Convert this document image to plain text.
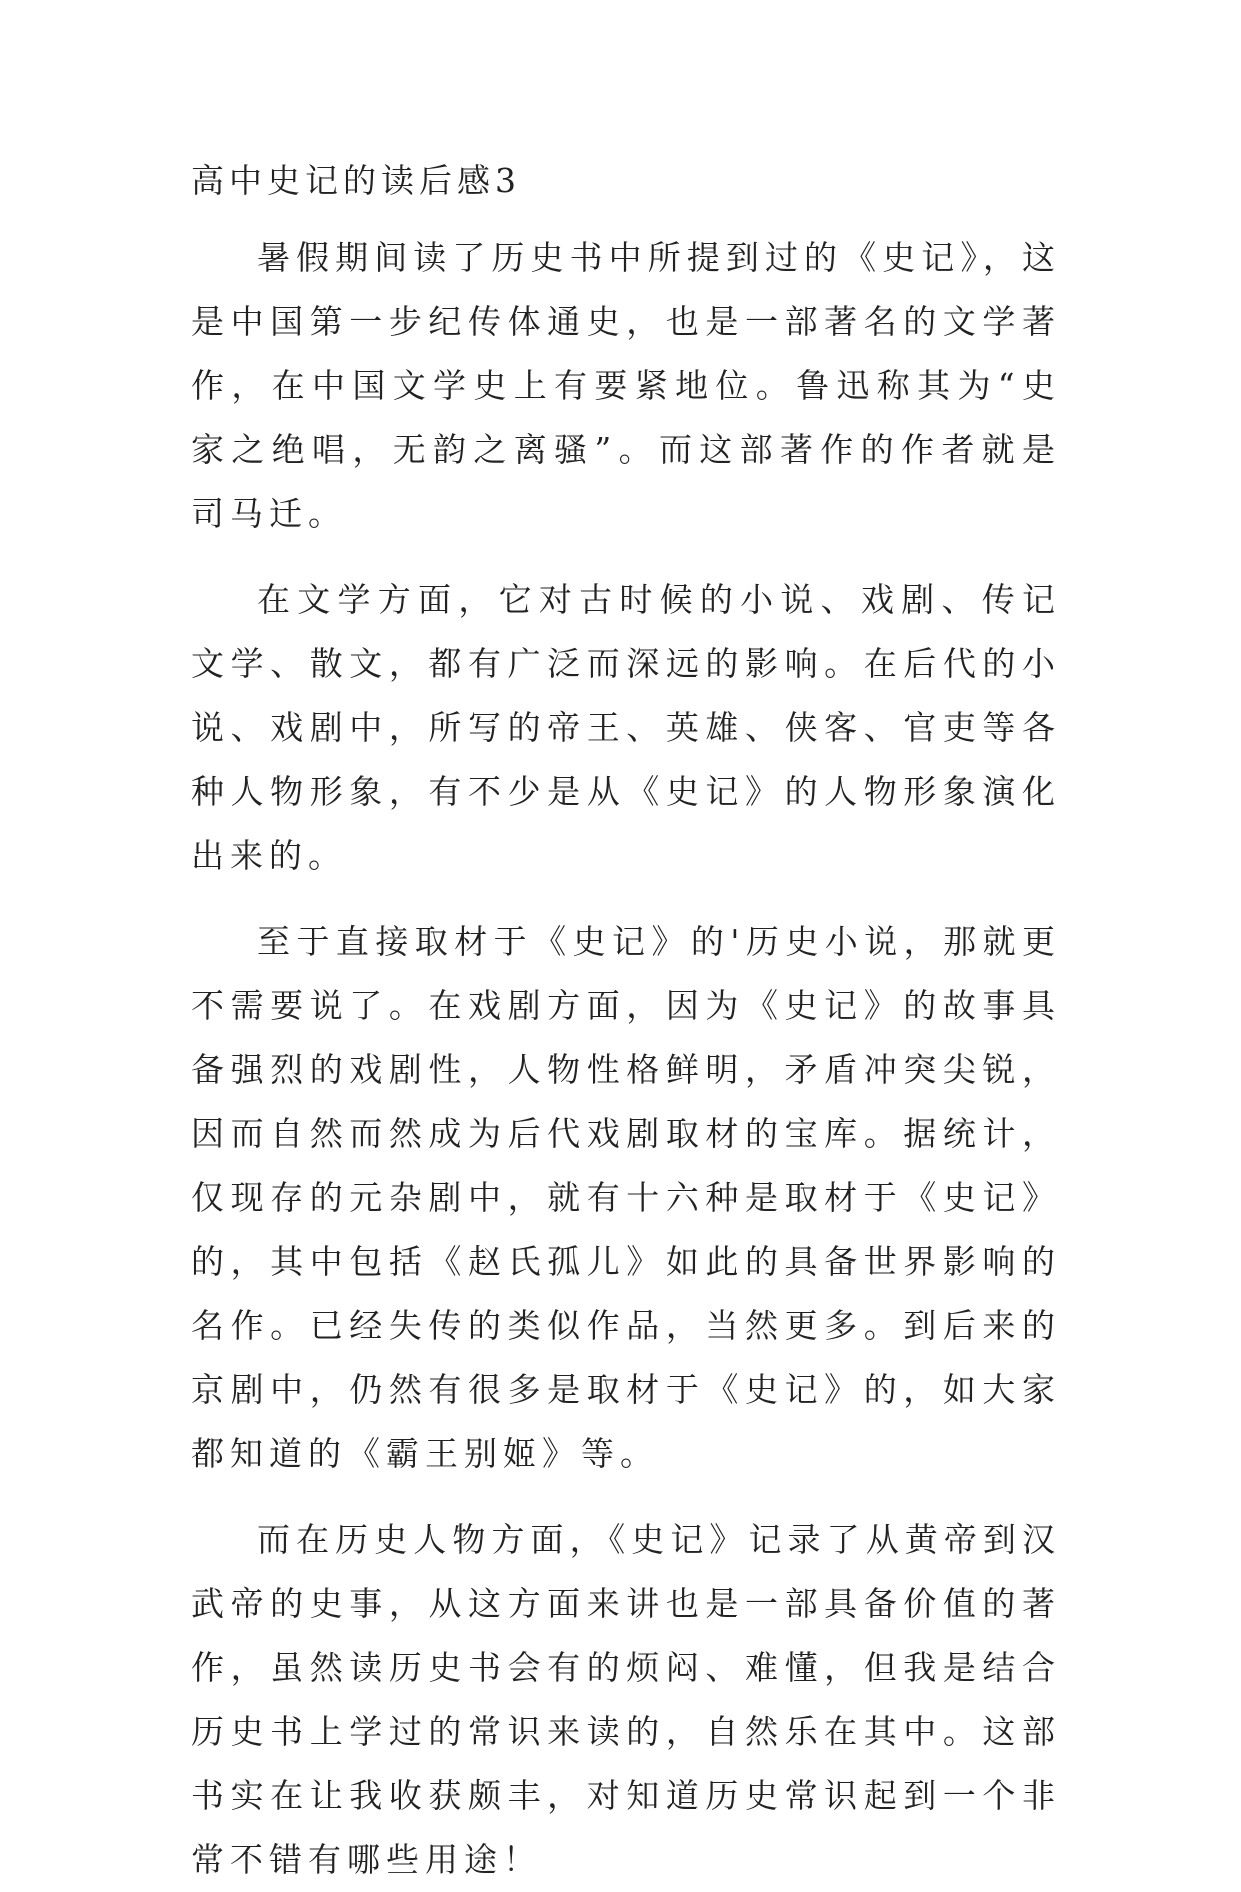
高中史记的读后感3

暑假期间读了历史书中所提到过的《史记》，这是中国第一步纪传体通史，也是一部著名的文学著作，在中国文学史上有要紧地位。鲁迅称其为“史家之绝唱，无韵之离骚”。而这部著作的作者就是司马迁。

在文学方面，它对古时候的小说、戏剧、传记文学、散文，都有广泛而深远的影响。在后代的小说、戏剧中，所写的帝王、英雄、侠客、官吏等各种人物形象，有不少是从《史记》的人物形象演化出来的。

至于直接取材于《史记》的'历史小说，那就更不需要说了。在戏剧方面，因为《史记》的故事具备强烈的戏剧性，人物性格鲜明，矛盾冲突尖锐，因而自然而然成为后代戏剧取材的宝库。据统计，仅现存的元杂剧中，就有十六种是取材于《史记》的，其中包括《赵氏孤儿》如此的具备世界影响的名作。已经失传的类似作品，当然更多。到后来的京剧中，仍然有很多是取材于《史记》的，如大家都知道的《霸王别姬》等。

而在历史人物方面，《史记》记录了从黄帝到汉武帝的史事，从这方面来讲也是一部具备价值的著作，虽然读历史书会有的烦闷、难懂，但我是结合历史书上学过的常识来读的，自然乐在其中。这部书实在让我收获颇丰，对知道历史常识起到一个非常不错有哪些用途！
